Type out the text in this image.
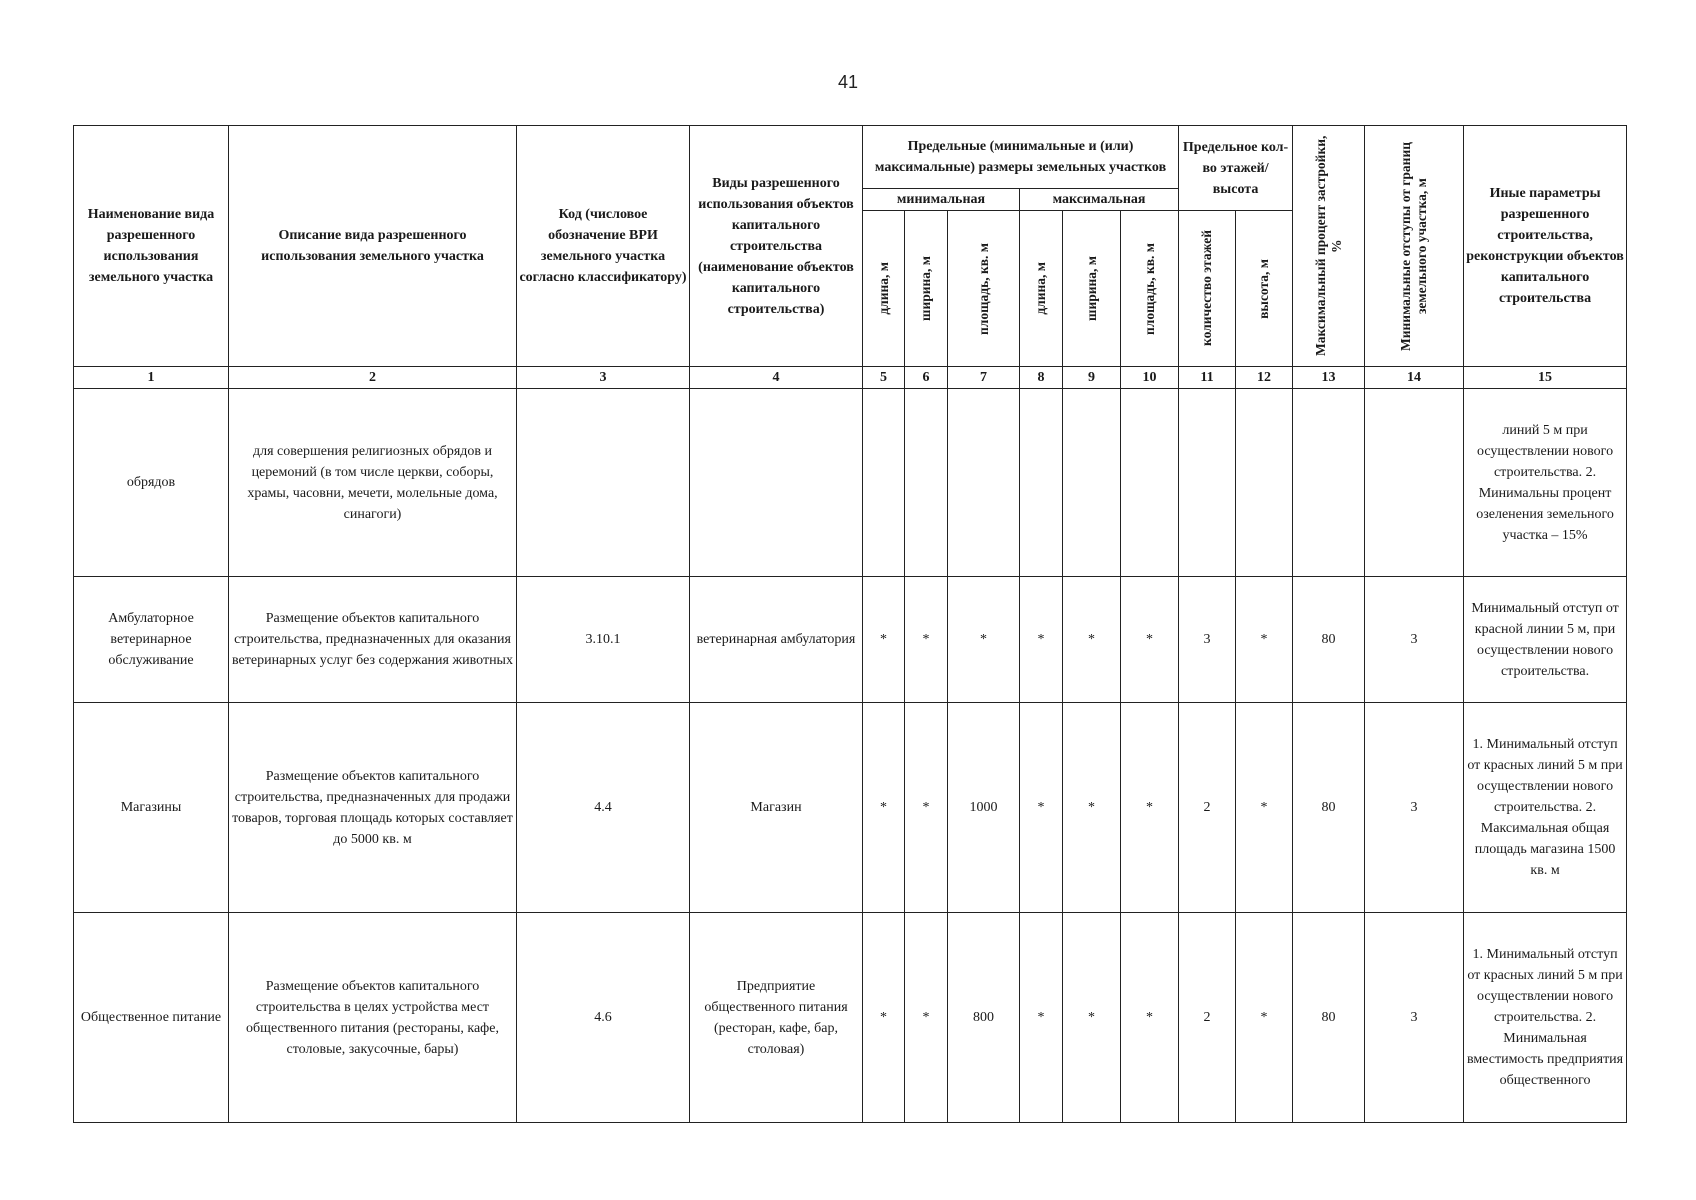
41
Наименование вида разрешенного использования земельного участка	Описание вида разрешенного использования земельного участка	Код (числовое обозначение ВРИ земельного участка согласно классификатору)	Виды разрешенного использования объектов капитального строительства (наименование объектов капитального строительства)	Предельные (минимальные и (или) максимальные) размеры земельных участков						Предельное кол-во этажей/высота		Максимальный процент застройки, %	Минимальные отступы от границ земельного участка, м	Иные параметры разрешенного строительства, реконструкции объектов капитального строительства
				минимальная			максимальная							

				длина, м	ширина, м	площадь, кв. м	длина, м	ширина, м	площадь, кв. м	количество этажей	высота, м			

1	2	3	4	5	6	7	8	9	10	11	12	13	14	15
обрядов	для совершения религиозных обрядов и церемоний (в том числе церкви, соборы, храмы, часовни, мечети, молельные дома, синагоги)													линий 5 м при осуществлении нового строительства. 2. Минимальны процент озеленения земельного участка – 15%
Амбулаторное ветеринарное обслуживание	Размещение объектов капитального строительства, предназначенных для оказания ветеринарных услуг без содержания животных	3.10.1	ветеринарная амбулатория	*	*	*	*	*	*	3	*	80	3	Минимальный отступ от красной линии 5 м, при осуществлении нового строительства.
Магазины	Размещение объектов капитального строительства, предназначенных для продажи товаров, торговая площадь которых составляет до 5000 кв. м	4.4	Магазин	*	*	1000	*	*	*	2	*	80	3	1. Минимальный отступ от красных линий 5 м при осуществлении нового строительства. 2. Максимальная общая площадь магазина 1500 кв. м
Общественное питание	Размещение объектов капитального строительства в целях устройства мест общественного питания (рестораны, кафе, столовые, закусочные, бары)	4.6	Предприятие общественного питания (ресторан, кафе, бар, столовая)	*	*	800	*	*	*	2	*	80	3	1. Минимальный отступ от красных линий 5 м при осуществлении нового строительства. 2. Минимальная вместимость предприятия общественного
